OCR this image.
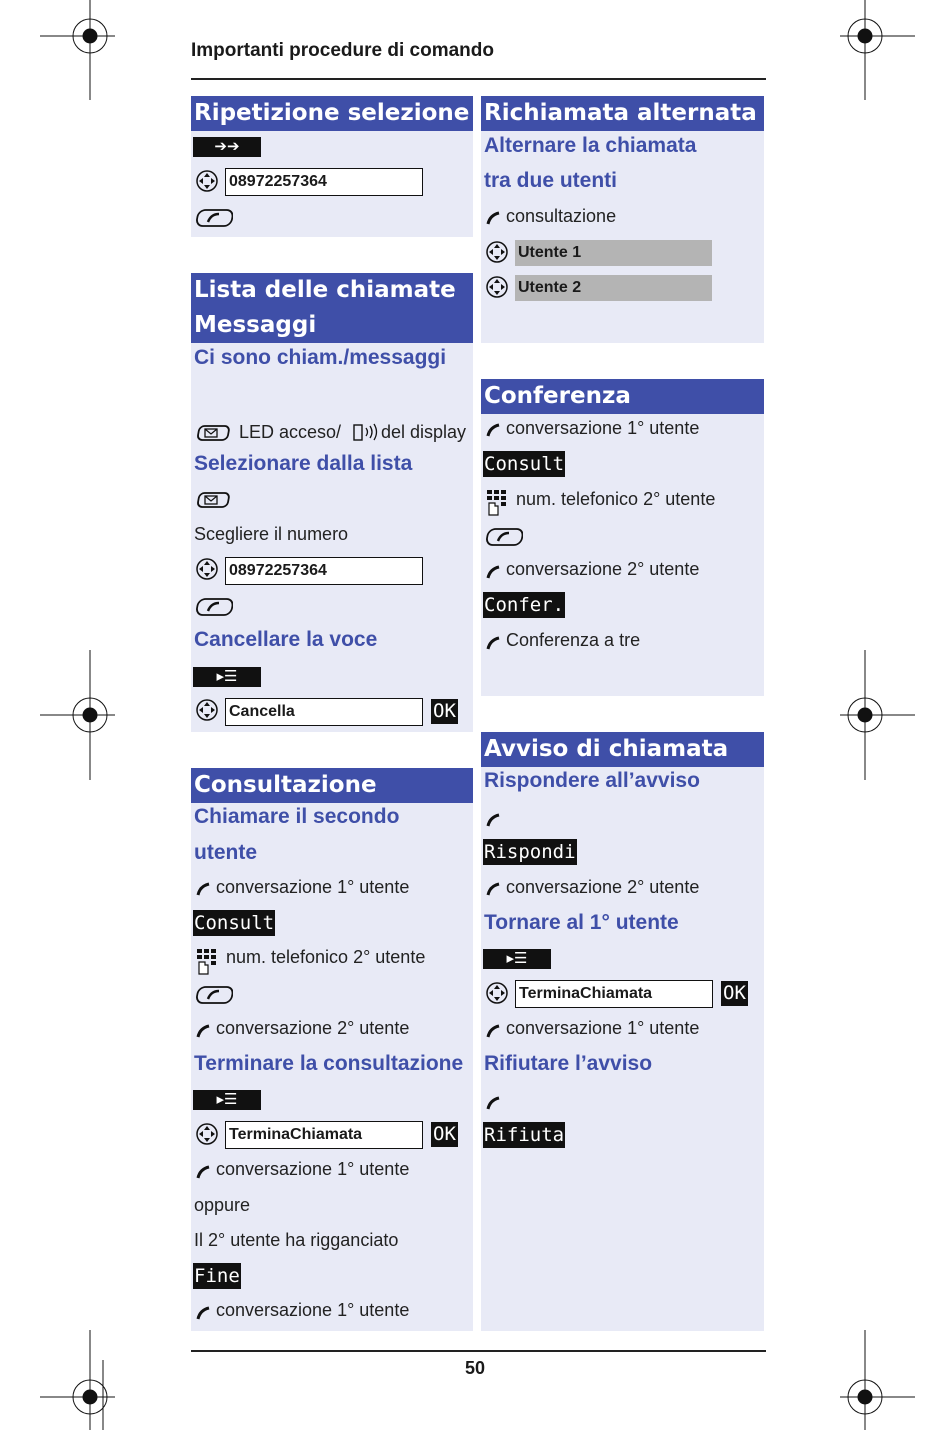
Importanti procedure di comando
Ripetizione selezione
➔➔
08972257364
Lista delle chiamate
Messaggi
Ci sono chiam./messaggi
LED acceso/ del display
Selezionare dalla lista
Scegliere il numero
08972257364
Cancellare la voce
▸☰
Cancella	OK
Consultazione
Chiamare il secondo
utente
conversazione 1° utente
Consult
num. telefonico 2° utente
conversazione 2° utente
Terminare la consultazione
▸☰
TerminaChiamata	OK
conversazione 1° utente
oppure
Il 2° utente ha rigganciato
Fine
conversazione 1° utente
Richiamata alternata
Alternare la chiamata
tra due utenti
consultazione
Utente 1
Utente 2
Conferenza
conversazione 1° utente
Consult
num. telefonico 2° utente
conversazione 2° utente
Confer.
Conferenza a tre
Avviso di chiamata
Rispondere all’avviso
Rispondi
conversazione 2° utente
Tornare al 1° utente
▸☰
TerminaChiamata	OK
conversazione 1° utente
Rifiutare l’avviso
Rifiuta
50
